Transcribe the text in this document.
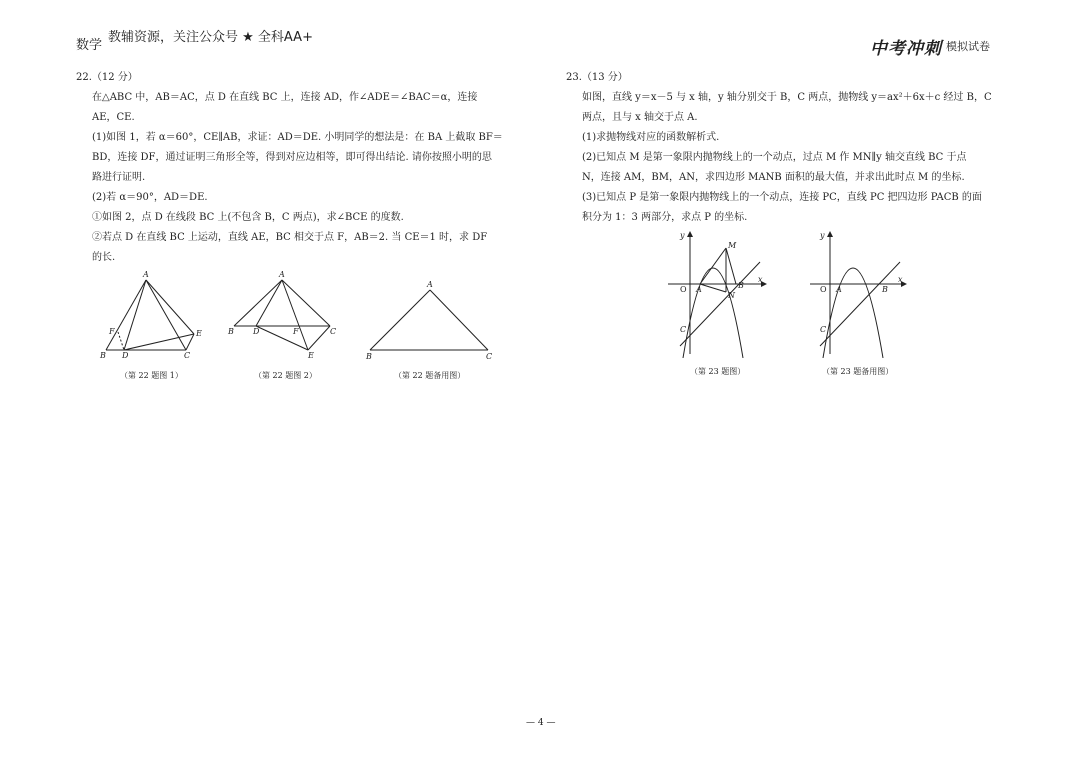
数学
教辅资源，关注公众号 ★ 全科AA+
中考冲刺 模拟试卷

22.（12 分）

在△ABC 中，AB＝AC，点 D 在直线 BC 上，连接 AD，作∠ADE＝∠BAC＝α，连接

AE，CE.

(1)如图 1，若 α＝60°，CE∥AB，求证：AD＝DE. 小明同学的想法是：在 BA 上截取 BF＝

BD，连接 DF，通过证明三角形全等，得到对应边相等，即可得出结论. 请你按照小明的思

路进行证明.

(2)若 α＝90°，AD＝DE.

①如图 2，点 D 在线段 BC 上(不包含 B，C 两点)，求∠BCE 的度数.

②若点 D 在直线 BC 上运动，直线 AE，BC 相交于点 F，AB＝2. 当 CE＝1 时，求 DF

的长.

A
B D	C
E
F
（第 22 题图 1）
A
B D	F	C
E
（第 22 题图 2）
A
B	C
（第 22 题备用图）

23.（13 分）

如图，直线 y＝x－5 与 x 轴，y 轴分别交于 B，C 两点，抛物线 y＝ax²＋6x＋c 经过 B，C

两点，且与 x 轴交于点 A.

(1)求抛物线对应的函数解析式.

(2)已知点 M 是第一象限内抛物线上的一个动点，过点 M 作 MN∥y 轴交直线 BC 于点

N，连接 AM，BM，AN，求四边形 MANB 面积的最大值，并求出此时点 M 的坐标.

(3)已知点 P 是第一象限内抛物线上的一个动点，连接 PC，直线 PC 把四边形 PACB 的面

积分为 1：3 两部分，求点 P 的坐标.

y
x
O A	B
C
M
N
（第 23 题图）
y
x
O A	B
C
（第 23 题备用图）
— 4 —
